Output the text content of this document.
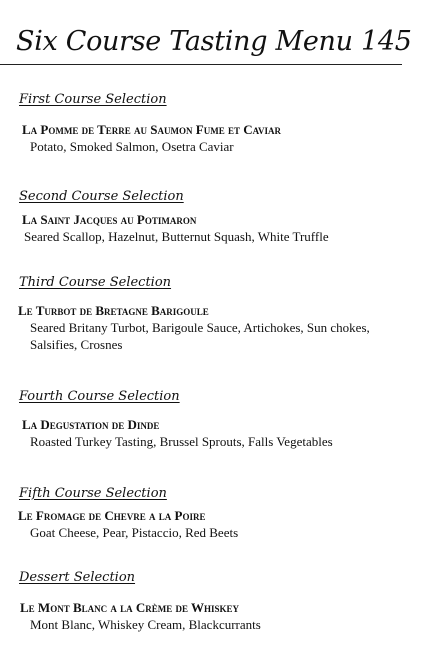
Six Course Tasting Menu 145
First Course Selection
La Pomme de Terre au Saumon Fume et Caviar
Potato, Smoked Salmon, Osetra Caviar
Second Course Selection
La Saint Jacques au Potimaron
Seared Scallop, Hazelnut, Butternut Squash, White Truffle
Third Course Selection
Le Turbot de Bretagne Barigoule
Seared Britany Turbot, Barigoule Sauce, Artichokes, Sun chokes, Salsifies, Crosnes
Fourth Course Selection
La Degustation de Dinde
Roasted Turkey Tasting, Brussel Sprouts, Falls Vegetables
Fifth Course Selection
Le Fromage de Chevre a la Poire
Goat Cheese, Pear, Pistaccio, Red Beets
Dessert Selection
Le Mont Blanc a la Crème de Whiskey
Mont Blanc, Whiskey Cream, Blackcurrants
